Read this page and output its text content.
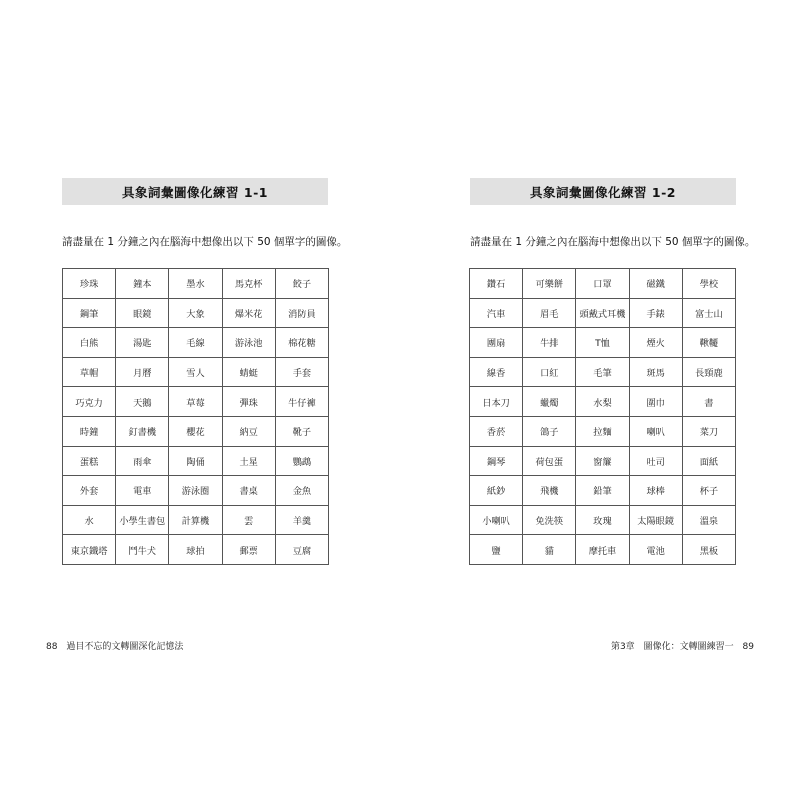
具象詞彙圖像化練習 1-1
請盡量在 1 分鐘之內在腦海中想像出以下 50 個單字的圖像。
珍珠	鐘本	墨水	馬克杯	餃子
鋼筆	眼鏡	大象	爆米花	消防員
白熊	湯匙	毛線	游泳池	棉花糖
草帽	月曆	雪人	蜻蜓	手套
巧克力	天鵝	草莓	彈珠	牛仔褲
時鐘	釘書機	櫻花	納豆	靴子
蛋糕	雨傘	陶俑	土星	鸚鵡
外套	電車	游泳圈	書桌	金魚
水	小學生書包	計算機	雲	羊羹
東京鐵塔	鬥牛犬	球拍	郵票	豆腐
88 過目不忘的文轉圖深化記憶法
具象詞彙圖像化練習 1-2
請盡量在 1 分鐘之內在腦海中想像出以下 50 個單字的圖像。
鑽石	可樂餅	口罩	磁鐵	學校
汽車	眉毛	頭戴式耳機	手錶	富士山
團扇	牛排	T恤	煙火	鞦韆
線香	口紅	毛筆	斑馬	長頸鹿
日本刀	蠟燭	水梨	圍巾	書
香菸	鴿子	拉麵	喇叭	菜刀
鋼琴	荷包蛋	窗簾	吐司	面紙
紙鈔	飛機	鉛筆	球棒	杯子
小喇叭	免洗筷	玫瑰	太陽眼鏡	溫泉
鹽	貓	摩托車	電池	黑板
第3章　圖像化：文轉圖練習一 89
